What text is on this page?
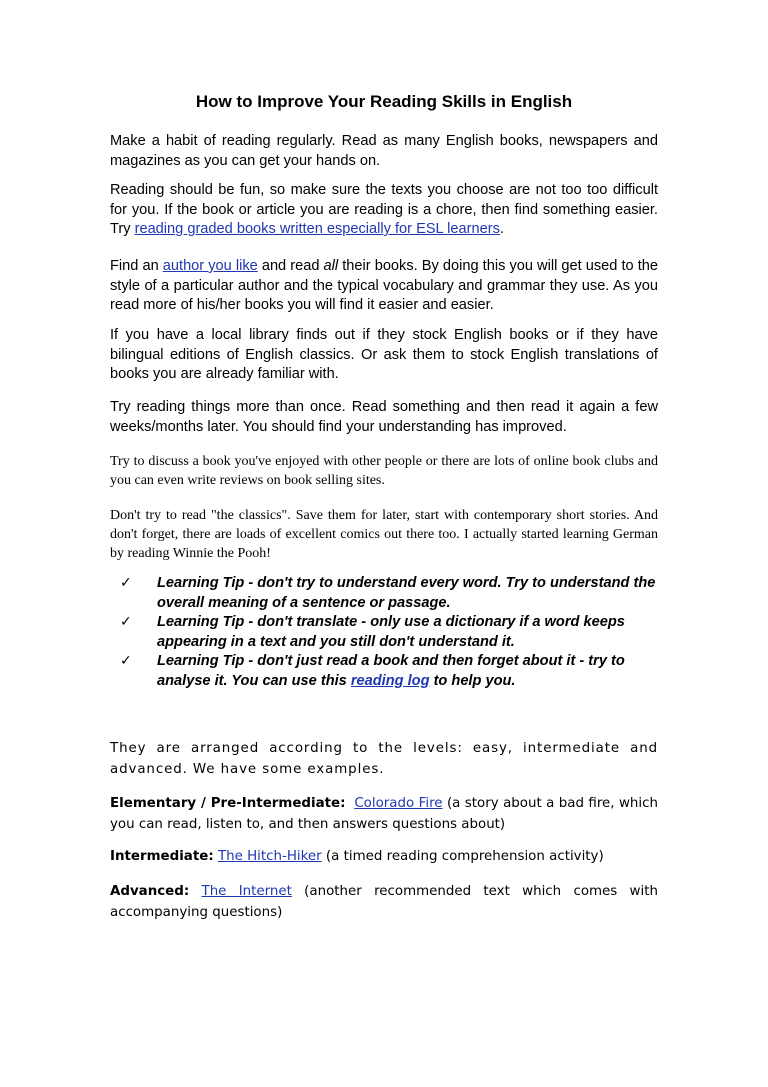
How to Improve Your Reading Skills in English

Make a habit of reading regularly. Read as many English books, newspapers and magazines as you can get your hands on.

Reading should be fun, so make sure the texts you choose are not too too difficult for you. If the book or article you are reading is a chore, then find something easier. Try reading graded books written especially for ESL learners.

Find an author you like and read all their books. By doing this you will get used to the style of a particular author and the typical vocabulary and grammar they use. As you read more of his/her books you will find it easier and easier.

If you have a local library finds out if they stock English books or if they have bilingual editions of English classics. Or ask them to stock English translations of books you are already familiar with.

Try reading things more than once. Read something and then read it again a few weeks/months later. You should find your understanding has improved.

Try to discuss a book you've enjoyed with other people or there are lots of online book clubs and you can even write reviews on book selling sites.

Don't try to read "the classics". Save them for later, start with contemporary short stories. And don't forget, there are loads of excellent comics out there too. I actually started learning German by reading Winnie the Pooh!

✓ Learning Tip - don't try to understand every word. Try to understand the overall meaning of a sentence or passage.
✓ Learning Tip - don't translate - only use a dictionary if a word keeps appearing in a text and you still don't understand it.
✓ Learning Tip - don't just read a book and then forget about it - try to analyse it. You can use this reading log to help you.

They are arranged according to the levels: easy, intermediate and advanced. We have some examples.

Elementary / Pre-Intermediate: Colorado Fire (a story about a bad fire, which you can read, listen to, and then answers questions about)

Intermediate: The Hitch-Hiker (a timed reading comprehension activity)

Advanced: The Internet (another recommended text which comes with accompanying questions)
